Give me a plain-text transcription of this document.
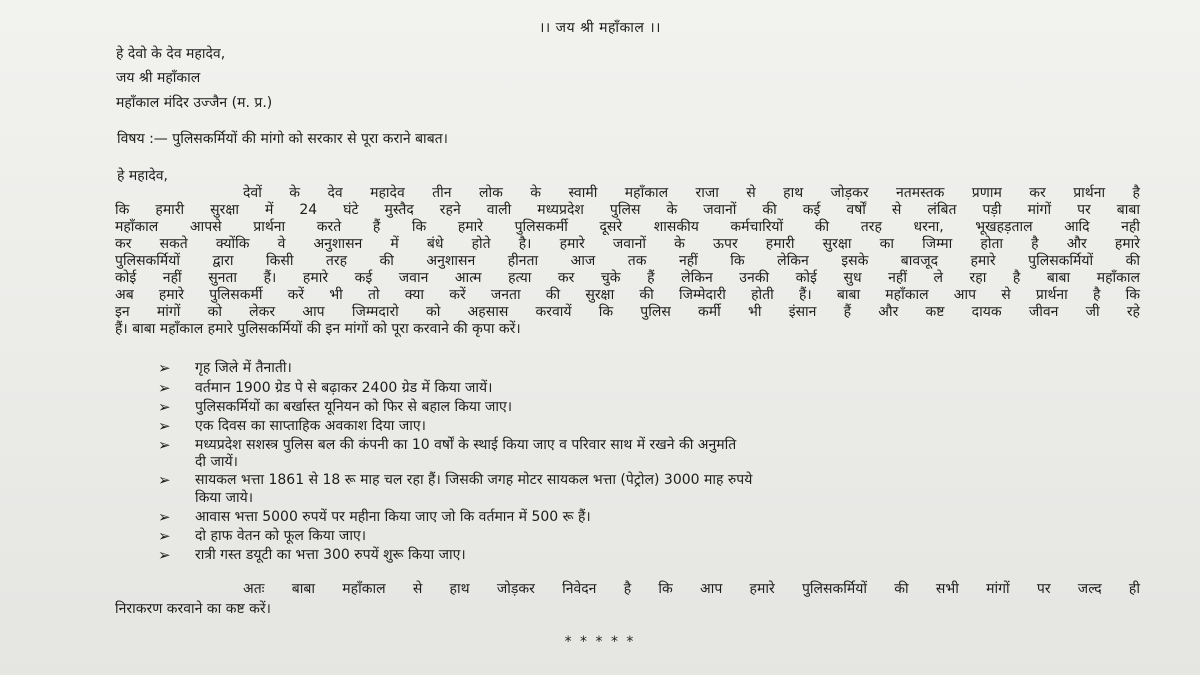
।। जय श्री महाँकाल ।।
हे देवो के देव महादेव,
जय श्री महाँकाल
महाँकाल मंदिर उज्जैन (म. प्र.)
विषय :— पुलिसकर्मियों की मांगो को सरकार से पूरा कराने बाबत।
हे महादेव,
देवों के देव महादेव तीन लोक के स्वामी महाँकाल राजा से हाथ जोड़कर नतमस्तक प्रणाम कर प्रार्थना है
कि हमारी सुरक्षा में 24 घंटे मुस्तैद रहने वाली मध्यप्रदेश पुलिस के जवानों की कई वर्षों से लंबित पड़ी मांगों पर बाबा
महाँकाल आपसे प्रार्थना करते हैं कि हमारे पुलिसकर्मी दूसरे शासकीय कर्मचारियों की तरह धरना, भूखहड़ताल आदि नही
कर सकते क्योंकि वे अनुशासन में बंधे होते है। हमारे जवानों के ऊपर हमारी सुरक्षा का जिम्मा होता है और हमारे
पुलिसकर्मियों द्वारा किसी तरह की अनुशासन हीनता आज तक नहीं कि लेकिन इसके बावजूद हमारे पुलिसकर्मियों की
कोई नहीं सुनता हैं। हमारे कई जवान आत्म हत्या कर चुके हैं लेकिन उनकी कोई सुध नहीं ले रहा है बाबा महाँकाल
अब हमारे पुलिसकर्मी करें भी तो क्या करें जनता की सुरक्षा की जिम्मेदारी होती हैं। बाबा महाँकाल आप से प्रार्थना है कि
इन मांगों को लेकर आप जिम्मदारो को अहसास करवायें कि पुलिस कर्मी भी इंसान हैं और कष्ट दायक जीवन जी रहे
हैं। बाबा महाँकाल हमारे पुलिसकर्मियों की इन मांगों को पूरा करवाने की कृपा करें।
➢ गृह जिले में तैनाती।
➢ वर्तमान 1900 ग्रेड पे से बढ़ाकर 2400 ग्रेड में किया जायें।
➢ पुलिसकर्मियों का बर्खास्त यूनियन को फिर से बहाल किया जाए।
➢ एक दिवस का साप्ताहिक अवकाश दिया जाए।
➢ मध्यप्रदेश सशस्त्र पुलिस बल की कंपनी का 10 वर्षों के स्थाई किया जाए व परिवार साथ में रखने की अनुमति
दी जायें।
➢ सायकल भत्ता 1861 से 18 रू माह चल रहा हैं। जिसकी जगह मोटर सायकल भत्ता (पेट्रोल) 3000 माह रुपये
किया जाये।
➢ आवास भत्ता 5000 रुपयें पर महीना किया जाए जो कि वर्तमान में 500 रू हैं।
➢ दो हाफ वेतन को फूल किया जाए।
➢ रात्री गस्त डयूटी का भत्ता 300 रुपयें शुरू किया जाए।
अतः बाबा महाँकाल से हाथ जोड़कर निवेदन है कि आप हमारे पुलिसकर्मियों की सभी मांगों पर जल्द ही
निराकरण करवाने का कष्ट करें।
* * * * *
